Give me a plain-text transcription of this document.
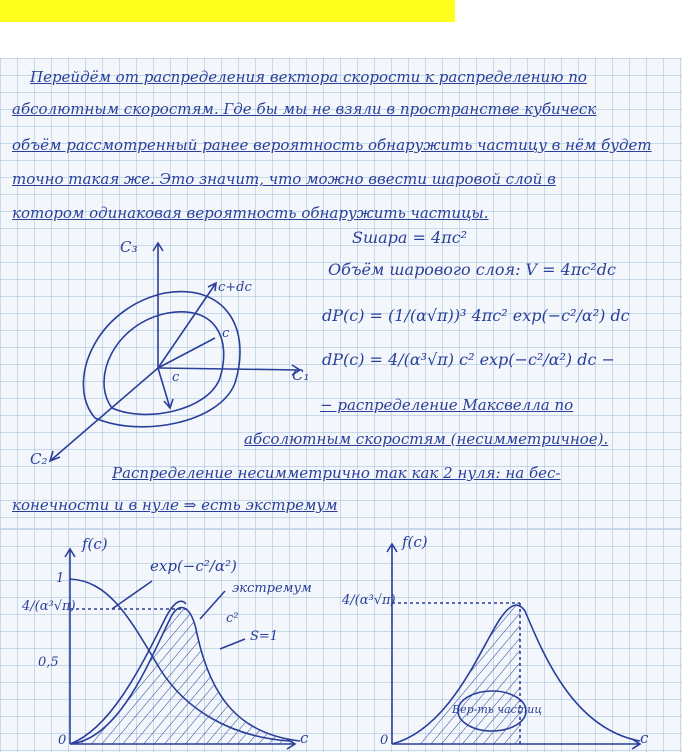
Перейдём от распределения вектора скорости к распределению по
абсолютным скоростям. Где бы мы не взяли в пространстве кубическ
объём рассмотренный ранее вероятность обнаружить частицу в нём будет
точно такая же. Это значит, что можно ввести шаровой слой в
котором одинаковая вероятность обнаружить частицы.
Sшара = 4πc²
Объём шарового слоя: V = 4πc²dc
dP(c) = (1/(α√π))³ 4πc² exp(−c²/α²) dc
dP(c) = 4/(α³√π) c² exp(−c²/α²) dc −
− распределение Максвелла по
абсолютным скоростям (несимметричное).
Распределение несимметрично так как 2 нуля: на бес-
конечности и в нуле ⇒ есть экстремум
C₃
C₁
C₂
c+dc
c
c
f(c)
exp(−c²/α²)
экстремум
c²
S=1
1
4/(α³√π)
0,5
0	c
f(c)
4/(α³√π)
Вер-ть частиц
0	c
